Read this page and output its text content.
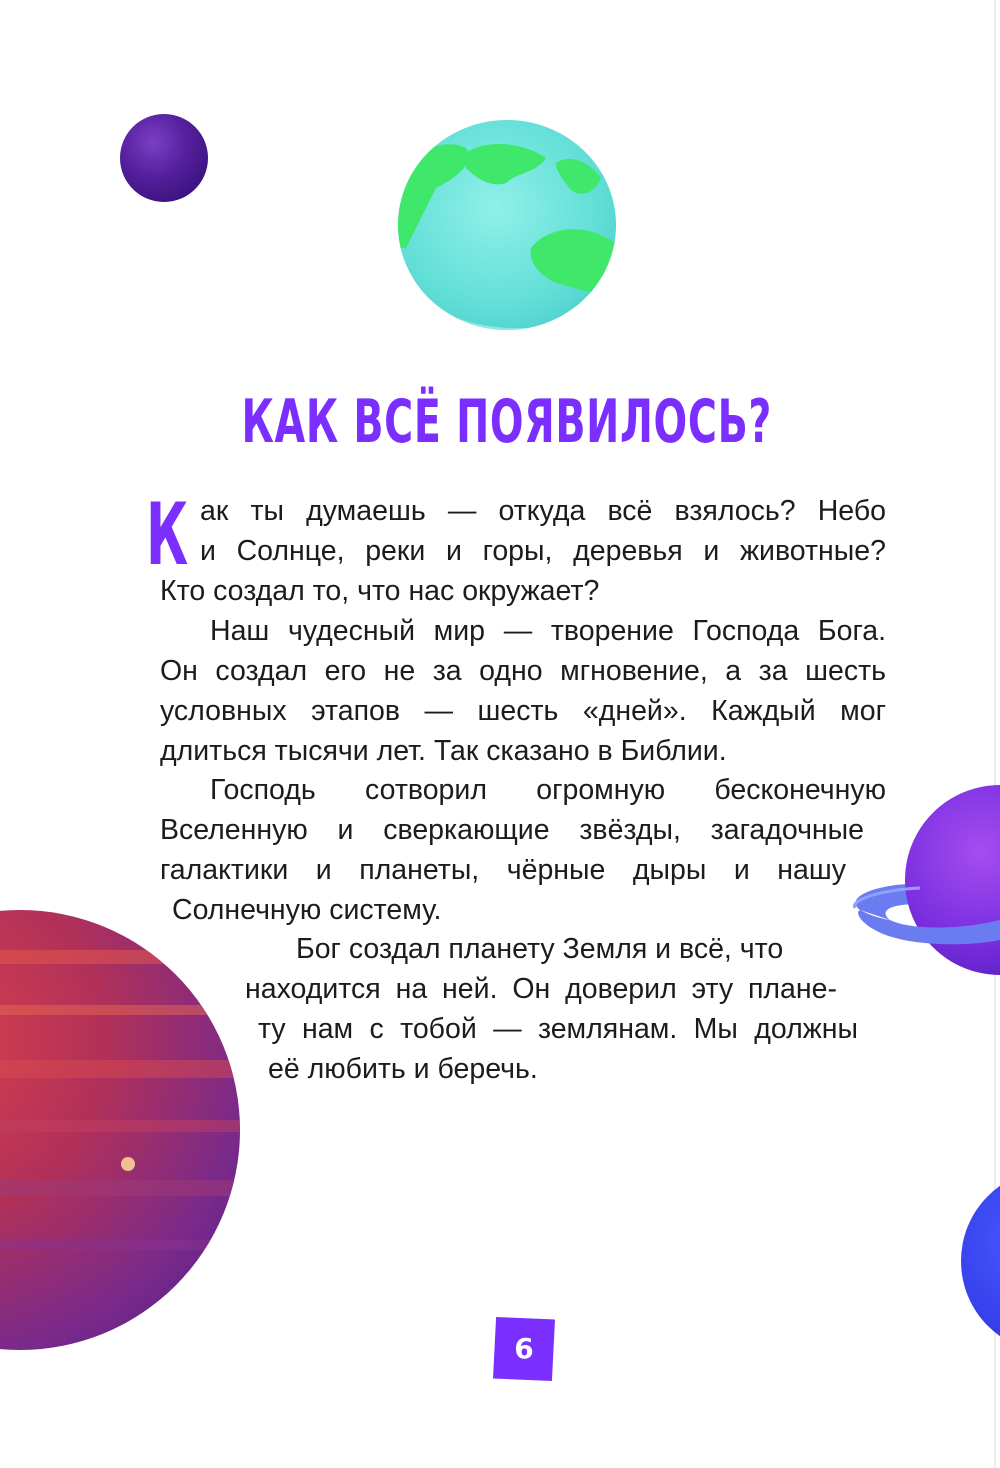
КАК ВСЁ ПОЯВИЛОСЬ?
К ак ты думаешь — откуда всё взялось? Небо
и Солнце, реки и горы, деревья и животные?
Кто создал то, что нас окружает?
Наш чудесный мир — творение Господа Бога.
Он создал его не за одно мгновение, а за шесть
условных этапов — шесть «дней». Каждый мог
длиться тысячи лет. Так сказано в Библии.
Господь сотворил огромную бесконечную
Вселенную и сверкающие звёзды, загадочные
галактики и планеты, чёрные дыры и нашу
Солнечную систему.
Бог создал планету Земля и всё, что
находится на ней. Он доверил эту плане-
ту нам с тобой — землянам. Мы должны
её любить и беречь.
6
